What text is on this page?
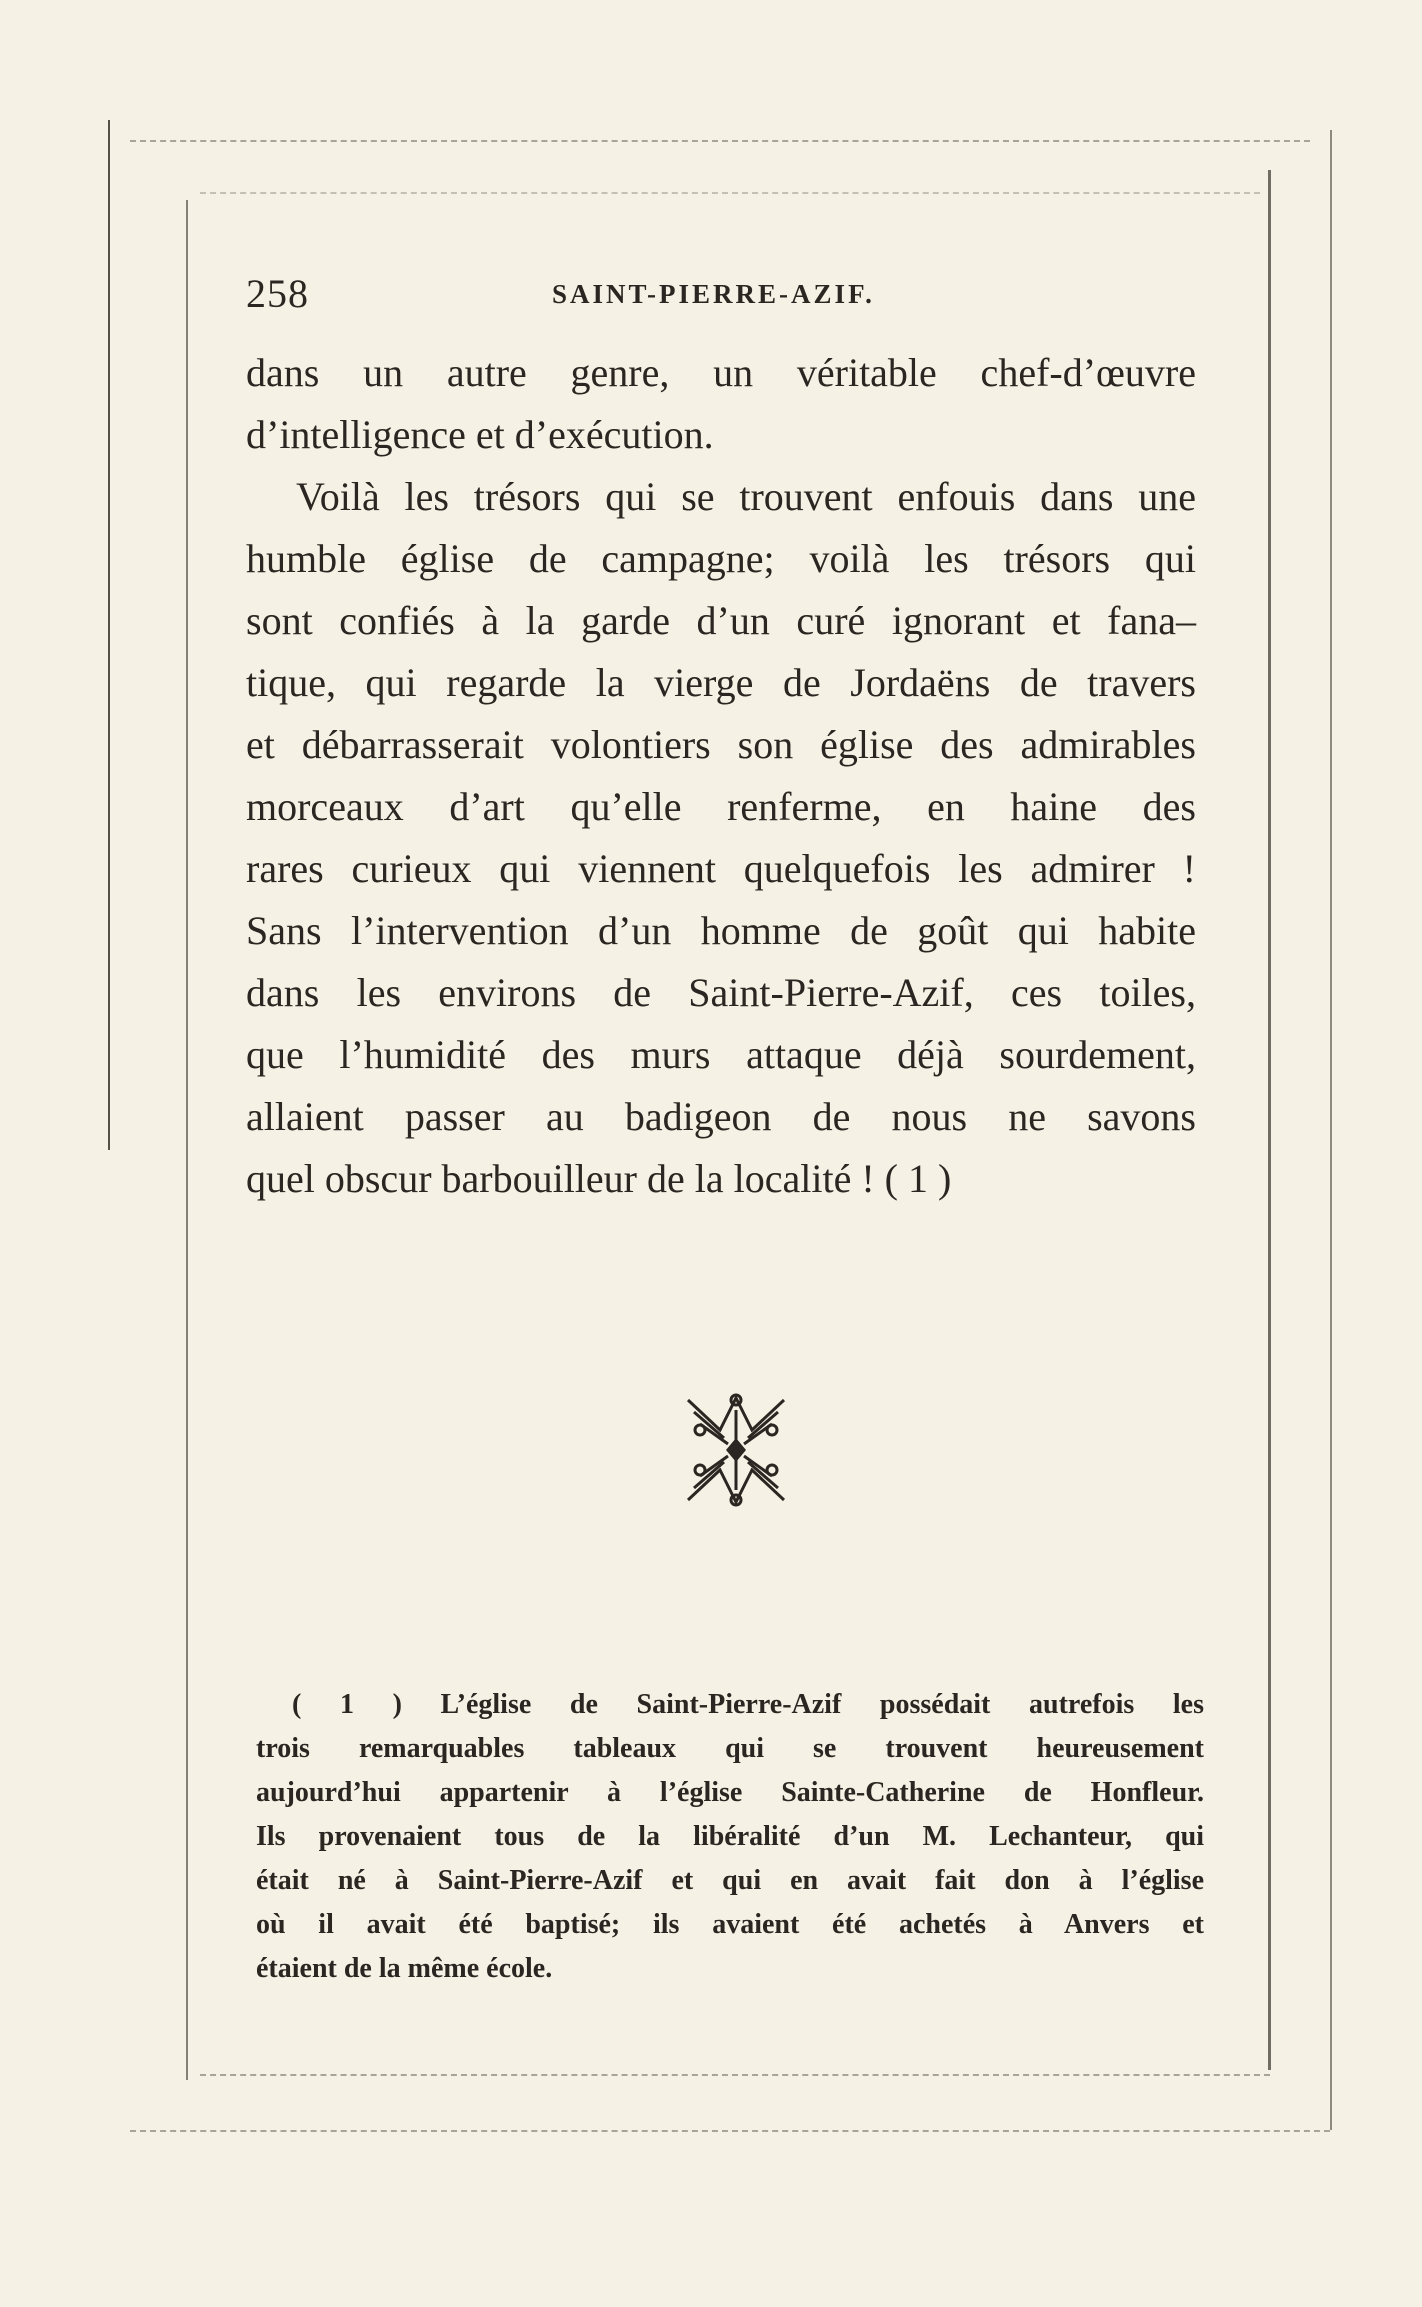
258	SAINT-PIERRE-AZIF.
dans un autre genre, un véritable chef-d’œuvre
d’intelligence et d’exécution.
Voilà les trésors qui se trouvent enfouis dans une
humble église de campagne; voilà les trésors qui
sont confiés à la garde d’un curé ignorant et fana–
tique, qui regarde la vierge de Jordaëns de travers
et débarrasserait volontiers son église des admirables
morceaux d’art qu’elle renferme, en haine des
rares curieux qui viennent quelquefois les admirer !
Sans l’intervention d’un homme de goût qui habite
dans les environs de Saint-Pierre-Azif, ces toiles,
que l’humidité des murs attaque déjà sourdement,
allaient passer au badigeon de nous ne savons
quel obscur barbouilleur de la localité ! ( 1 )
( 1 ) L’église de Saint-Pierre-Azif possédait autrefois les
trois remarquables tableaux qui se trouvent heureusement
aujourd’hui appartenir à l’église Sainte-Catherine de Honfleur.
Ils provenaient tous de la libéralité d’un M. Lechanteur, qui
était né à Saint-Pierre-Azif et qui en avait fait don à l’église
où il avait été baptisé; ils avaient été achetés à Anvers et
étaient de la même école.
